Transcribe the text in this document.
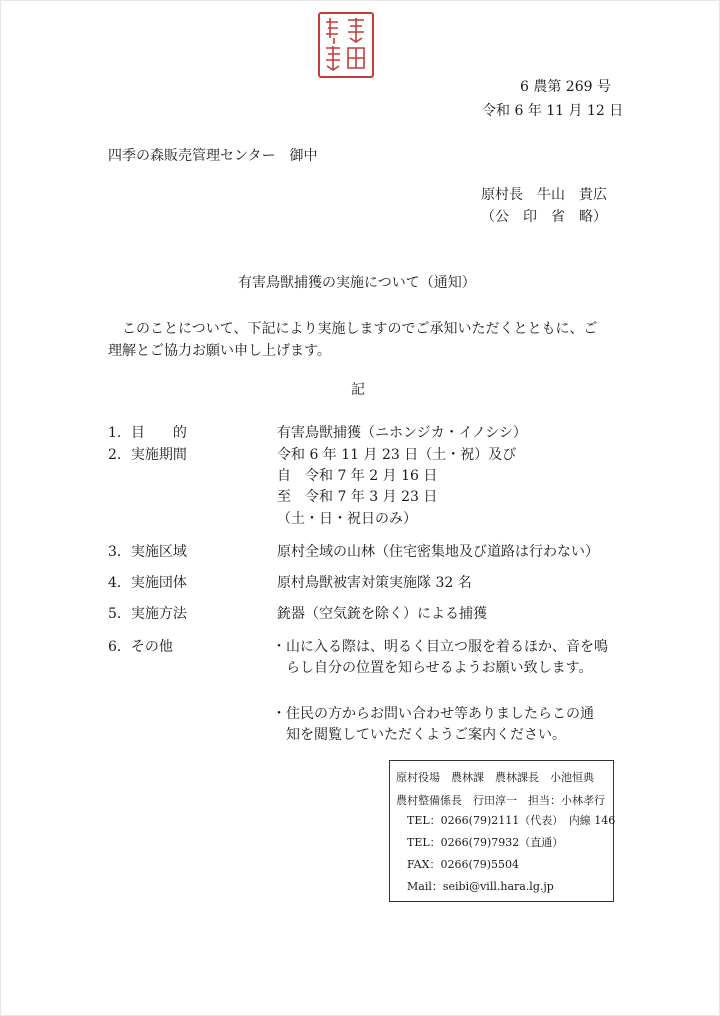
6 農第 269 号
令和 6 年 11 月 12 日
四季の森販売管理センター　御中
原村長　牛山　貴広
（公　印　省　略）
有害鳥獣捕獲の実施について（通知）
　このことについて、下記により実施しますのでご承知いただくとともに、ご
理解とご協力お願い申し上げます。
記
1．目　　的	有害鳥獣捕獲（ニホンジカ・イノシシ）
2．実施期間	令和 6 年 11 月 23 日（土・祝）及び
自　令和 7 年 2 月 16 日
至　令和 7 年 3 月 23 日
（土・日・祝日のみ）
3．実施区域	原村全域の山林（住宅密集地及び道路は行わない）
4．実施団体	原村鳥獣被害対策実施隊 32 名
5．実施方法	銃器（空気銃を除く）による捕獲
6．その他	・山に入る際は、明るく目立つ服を着るほか、音を鳴
　らし自分の位置を知らせるようお願い致します。
・住民の方からお問い合わせ等ありましたらこの通
　知を閲覧していただくようご案内ください。
原村役場　農林課　農林課長　小池恒典
農村整備係長　行田淳一　担当：小林孝行
TEL：0266(79)2111（代表）　内線 146
TEL：0266(79)7932（直通）
FAX：0266(79)5504
Mail：seibi@vill.hara.lg.jp
